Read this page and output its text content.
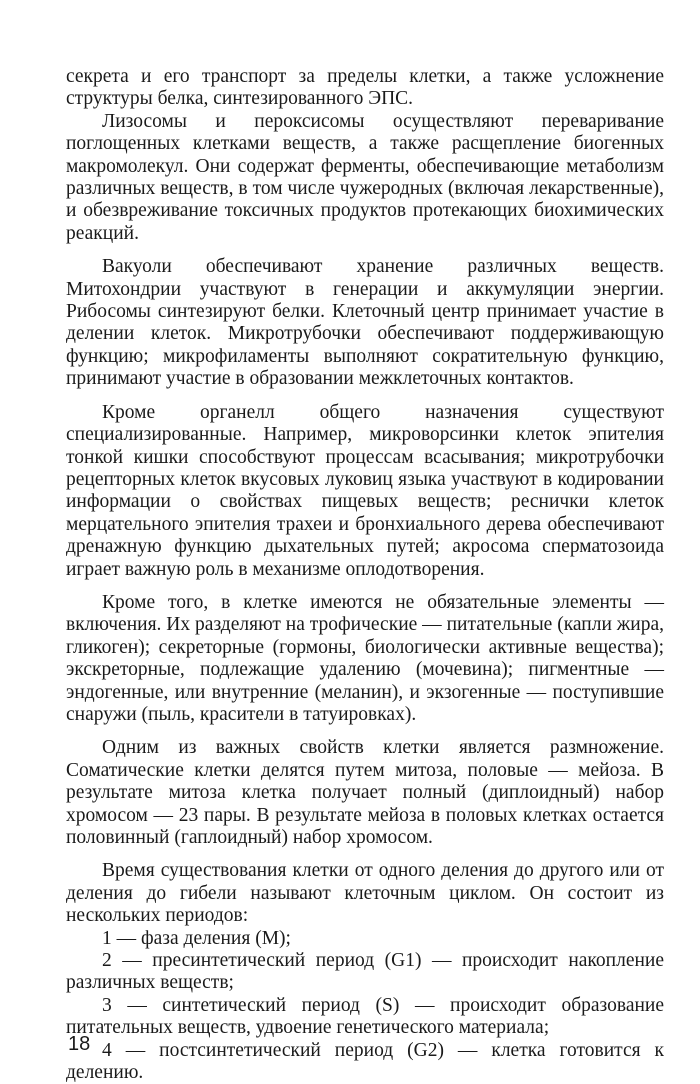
секрета и его транспорт за пределы клетки, а также усложнение структуры белка, синтезированного ЭПС.

Лизосомы и пероксисомы осуществляют переваривание поглощенных клетками веществ, а также расщепление биогенных макромолекул. Они содержат ферменты, обеспечивающие метаболизм различных веществ, в том числе чужеродных (включая лекарственные), и обезвреживание токсичных продуктов протекающих биохимических реакций.

Вакуоли обеспечивают хранение различных веществ. Митохондрии участвуют в генерации и аккумуляции энергии. Рибосомы синтезируют белки. Клеточный центр принимает участие в делении клеток. Микротрубочки обеспечивают поддерживающую функцию; микрофиламенты выполняют сократительную функцию, принимают участие в образовании межклеточных контактов.

Кроме органелл общего назначения существуют специализированные. Например, микроворсинки клеток эпителия тонкой кишки способствуют процессам всасывания; микротрубочки рецепторных клеток вкусовых луковиц языка участвуют в кодировании информации о свойствах пищевых веществ; реснички клеток мерцательного эпителия трахеи и бронхиального дерева обеспечивают дренажную функцию дыхательных путей; акросома сперматозоида играет важную роль в механизме оплодотворения.

Кроме того, в клетке имеются не обязательные элементы — включения. Их разделяют на трофические — питательные (капли жира, гликоген); секреторные (гормоны, биологически активные вещества); экскреторные, подлежащие удалению (мочевина); пигментные — эндогенные, или внутренние (меланин), и экзогенные — поступившие снаружи (пыль, красители в татуировках).

Одним из важных свойств клетки является размножение. Соматические клетки делятся путем митоза, половые — мейоза. В результате митоза клетка получает полный (диплоидный) набор хромосом — 23 пары. В результате мейоза в половых клетках остается половинный (гаплоидный) набор хромосом.

Время существования клетки от одного деления до другого или от деления до гибели называют клеточным циклом. Он состоит из нескольких периодов:

1 — фаза деления (М);

2 — пресинтетический период (G1) — происходит накопление различных веществ;

3 — синтетический период (S) — происходит образование питательных веществ, удвоение генетического материала;

4 — постсинтетический период (G2) — клетка готовится к делению.

18
